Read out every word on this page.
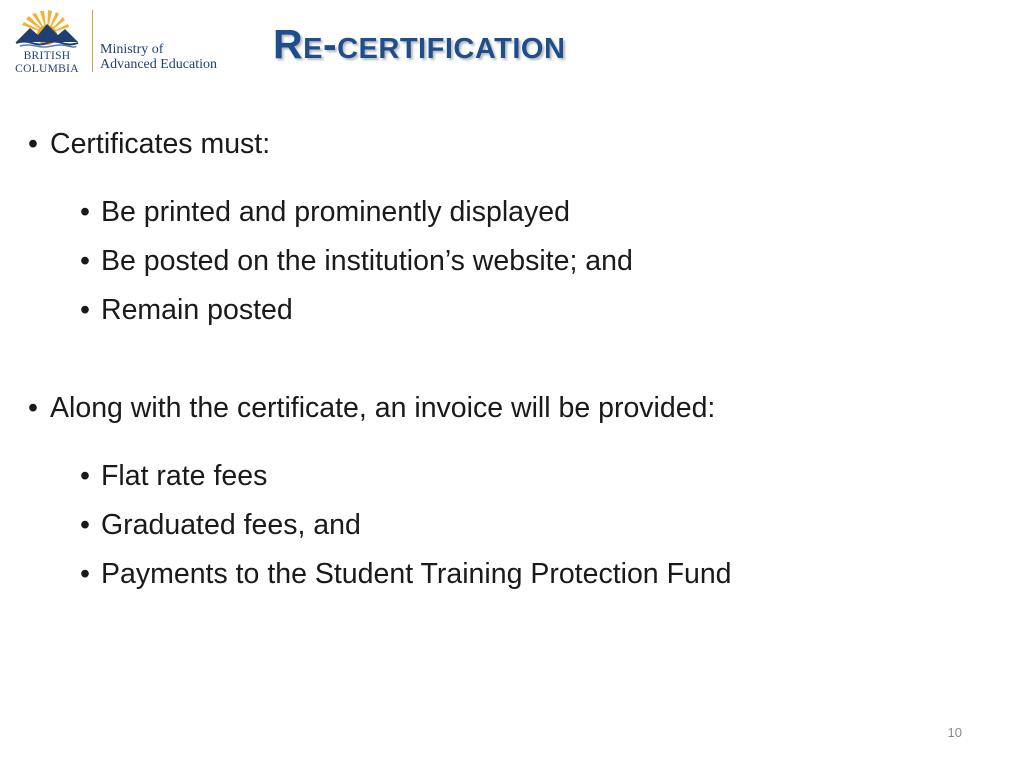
BRITISH
COLUMBIA
Ministry of
Advanced Education Re-certification
• Certificates must:
• Be printed and prominently displayed
• Be posted on the institution’s website; and
• Remain posted
• Along with the certificate, an invoice will be provided:
• Flat rate fees
• Graduated fees, and
• Payments to the Student Training Protection Fund
10
